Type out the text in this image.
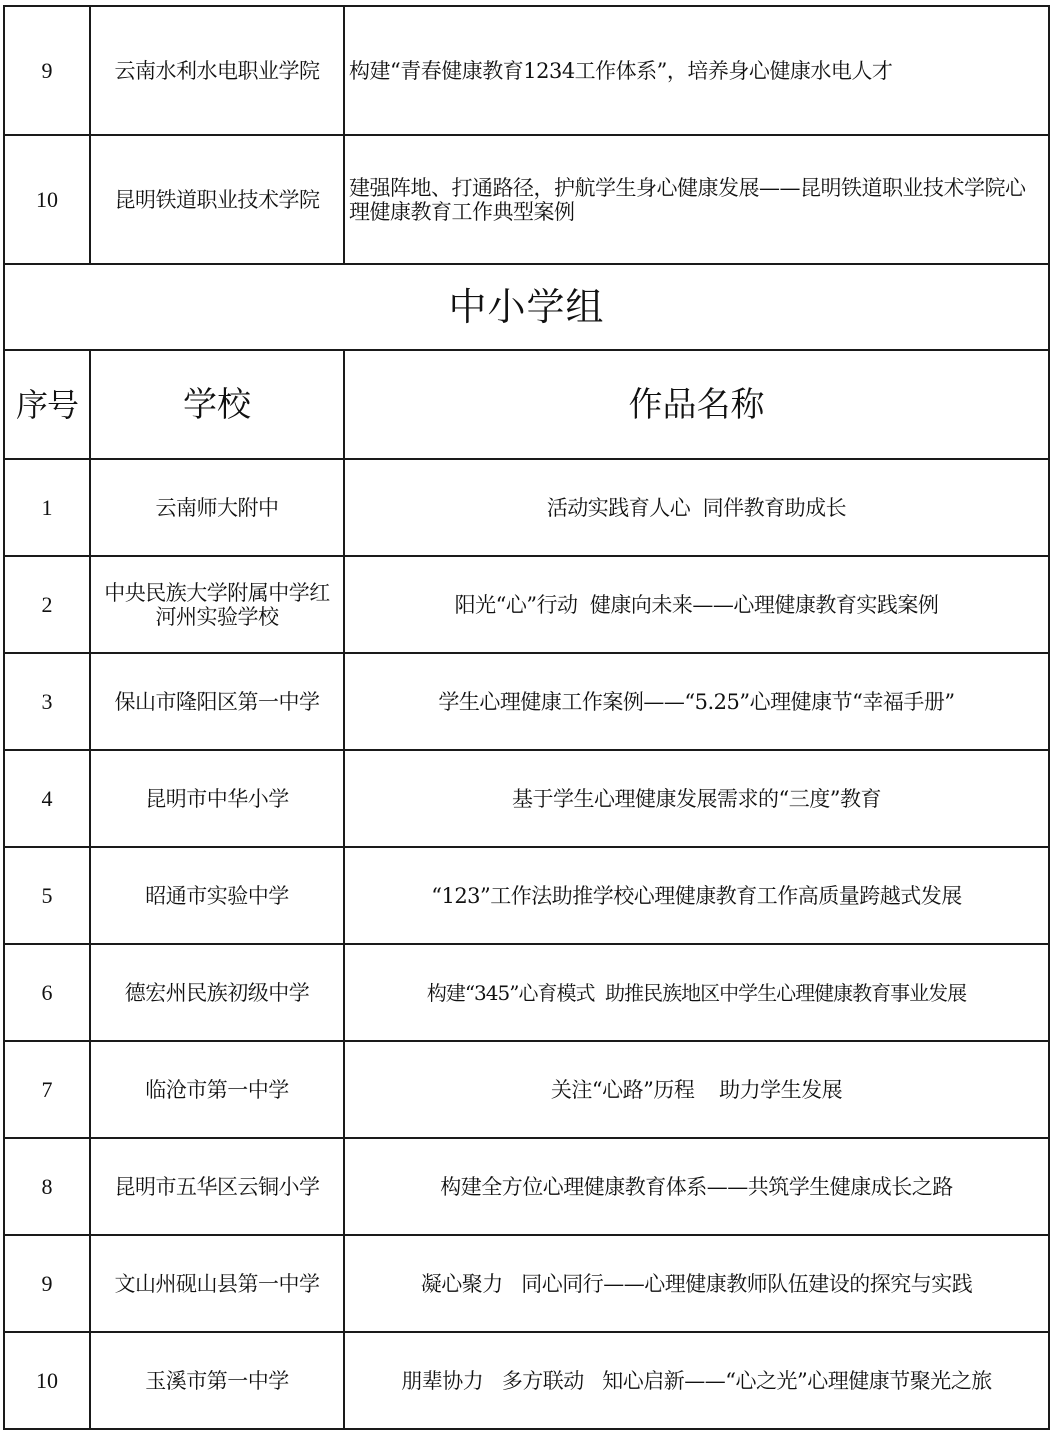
9	云南水利水电职业学院	构建“青春健康教育1234工作体系”，培养身心健康水电人才
10	昆明铁道职业技术学院	建强阵地、打通路径，护航学生身心健康发展——昆明铁道职业技术学院心理健康教育工作典型案例
中小学组		
序号	学校	作品名称
1	云南师大附中	活动实践育人心  同伴教育助成长
2	中央民族大学附属中学红河州实验学校	阳光“心”行动  健康向未来——心理健康教育实践案例
3	保山市隆阳区第一中学	学生心理健康工作案例——“5.25”心理健康节“幸福手册”
4	昆明市中华小学	基于学生心理健康发展需求的“三度”教育
5	昭通市实验中学	“123”工作法助推学校心理健康教育工作高质量跨越式发展
6	德宏州民族初级中学	构建“345”心育模式  助推民族地区中学生心理健康教育事业发展
7	临沧市第一中学	关注“心路”历程    助力学生发展
8	昆明市五华区云铜小学	构建全方位心理健康教育体系——共筑学生健康成长之路
9	文山州砚山县第一中学	凝心聚力   同心同行——心理健康教师队伍建设的探究与实践
10	玉溪市第一中学	朋辈协力   多方联动   知心启新——“心之光”心理健康节聚光之旅
